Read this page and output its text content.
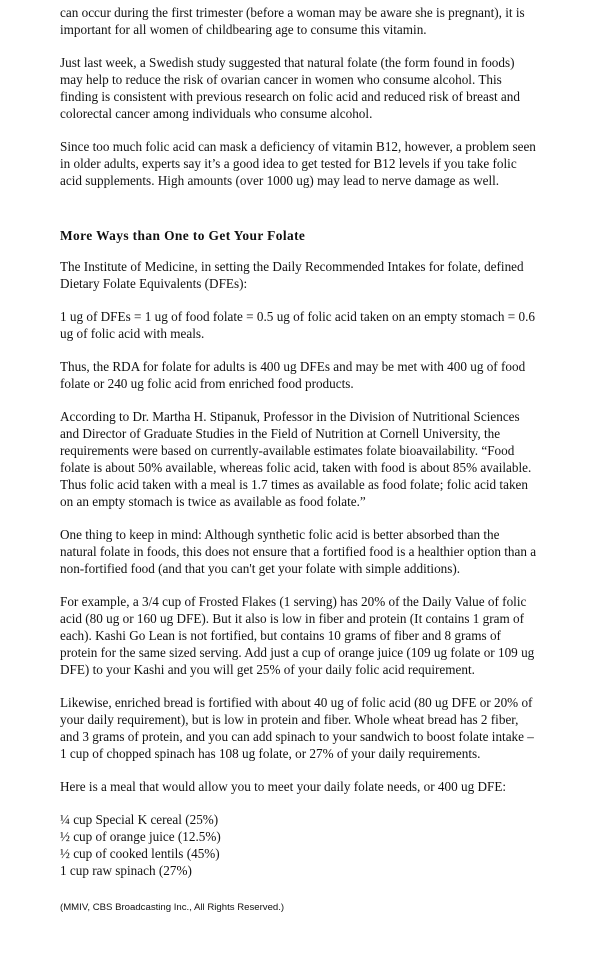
can occur during the first trimester (before a woman may be aware she is pregnant), it is important for all women of childbearing age to consume this vitamin.

Just last week, a Swedish study suggested that natural folate (the form found in foods) may help to reduce the risk of ovarian cancer in women who consume alcohol. This finding is consistent with previous research on folic acid and reduced risk of breast and colorectal cancer among individuals who consume alcohol.

Since too much folic acid can mask a deficiency of vitamin B12, however, a problem seen in older adults, experts say it’s a good idea to get tested for B12 levels if you take folic acid supplements. High amounts (over 1000 ug) may lead to nerve damage as well.

More Ways than One to Get Your Folate

The Institute of Medicine, in setting the Daily Recommended Intakes for folate, defined Dietary Folate Equivalents (DFEs):

1 ug of DFEs = 1 ug of food folate = 0.5 ug of folic acid taken on an empty stomach = 0.6 ug of folic acid with meals.

Thus, the RDA for folate for adults is 400 ug DFEs and may be met with 400 ug of food folate or 240 ug folic acid from enriched food products.

According to Dr. Martha H. Stipanuk, Professor in the Division of Nutritional Sciences and Director of Graduate Studies in the Field of Nutrition at Cornell University, the requirements were based on currently-available estimates folate bioavailability. “Food folate is about 50% available, whereas folic acid, taken with food is about 85% available. Thus folic acid taken with a meal is 1.7 times as available as food folate; folic acid taken on an empty stomach is twice as available as food folate.”

One thing to keep in mind: Although synthetic folic acid is better absorbed than the natural folate in foods, this does not ensure that a fortified food is a healthier option than a non-fortified food (and that you can't get your folate with simple additions).

For example, a 3/4 cup of Frosted Flakes (1 serving) has 20% of the Daily Value of folic acid (80 ug or 160 ug DFE). But it also is low in fiber and protein (It contains 1 gram of each). Kashi Go Lean is not fortified, but contains 10 grams of fiber and 8 grams of protein for the same sized serving. Add just a cup of orange juice (109 ug folate or 109 ug DFE) to your Kashi and you will get 25% of your daily folic acid requirement.

Likewise, enriched bread is fortified with about 40 ug of folic acid (80 ug DFE or 20% of your daily requirement), but is low in protein and fiber. Whole wheat bread has 2 fiber, and 3 grams of protein, and you can add spinach to your sandwich to boost folate intake – 1 cup of chopped spinach has 108 ug folate, or 27% of your daily requirements.

Here is a meal that would allow you to meet your daily folate needs, or 400 ug DFE:

¼ cup Special K cereal (25%)
½ cup of orange juice (12.5%)
½ cup of cooked lentils (45%)
1 cup raw spinach (27%)
(MMIV, CBS Broadcasting Inc., All Rights Reserved.)
